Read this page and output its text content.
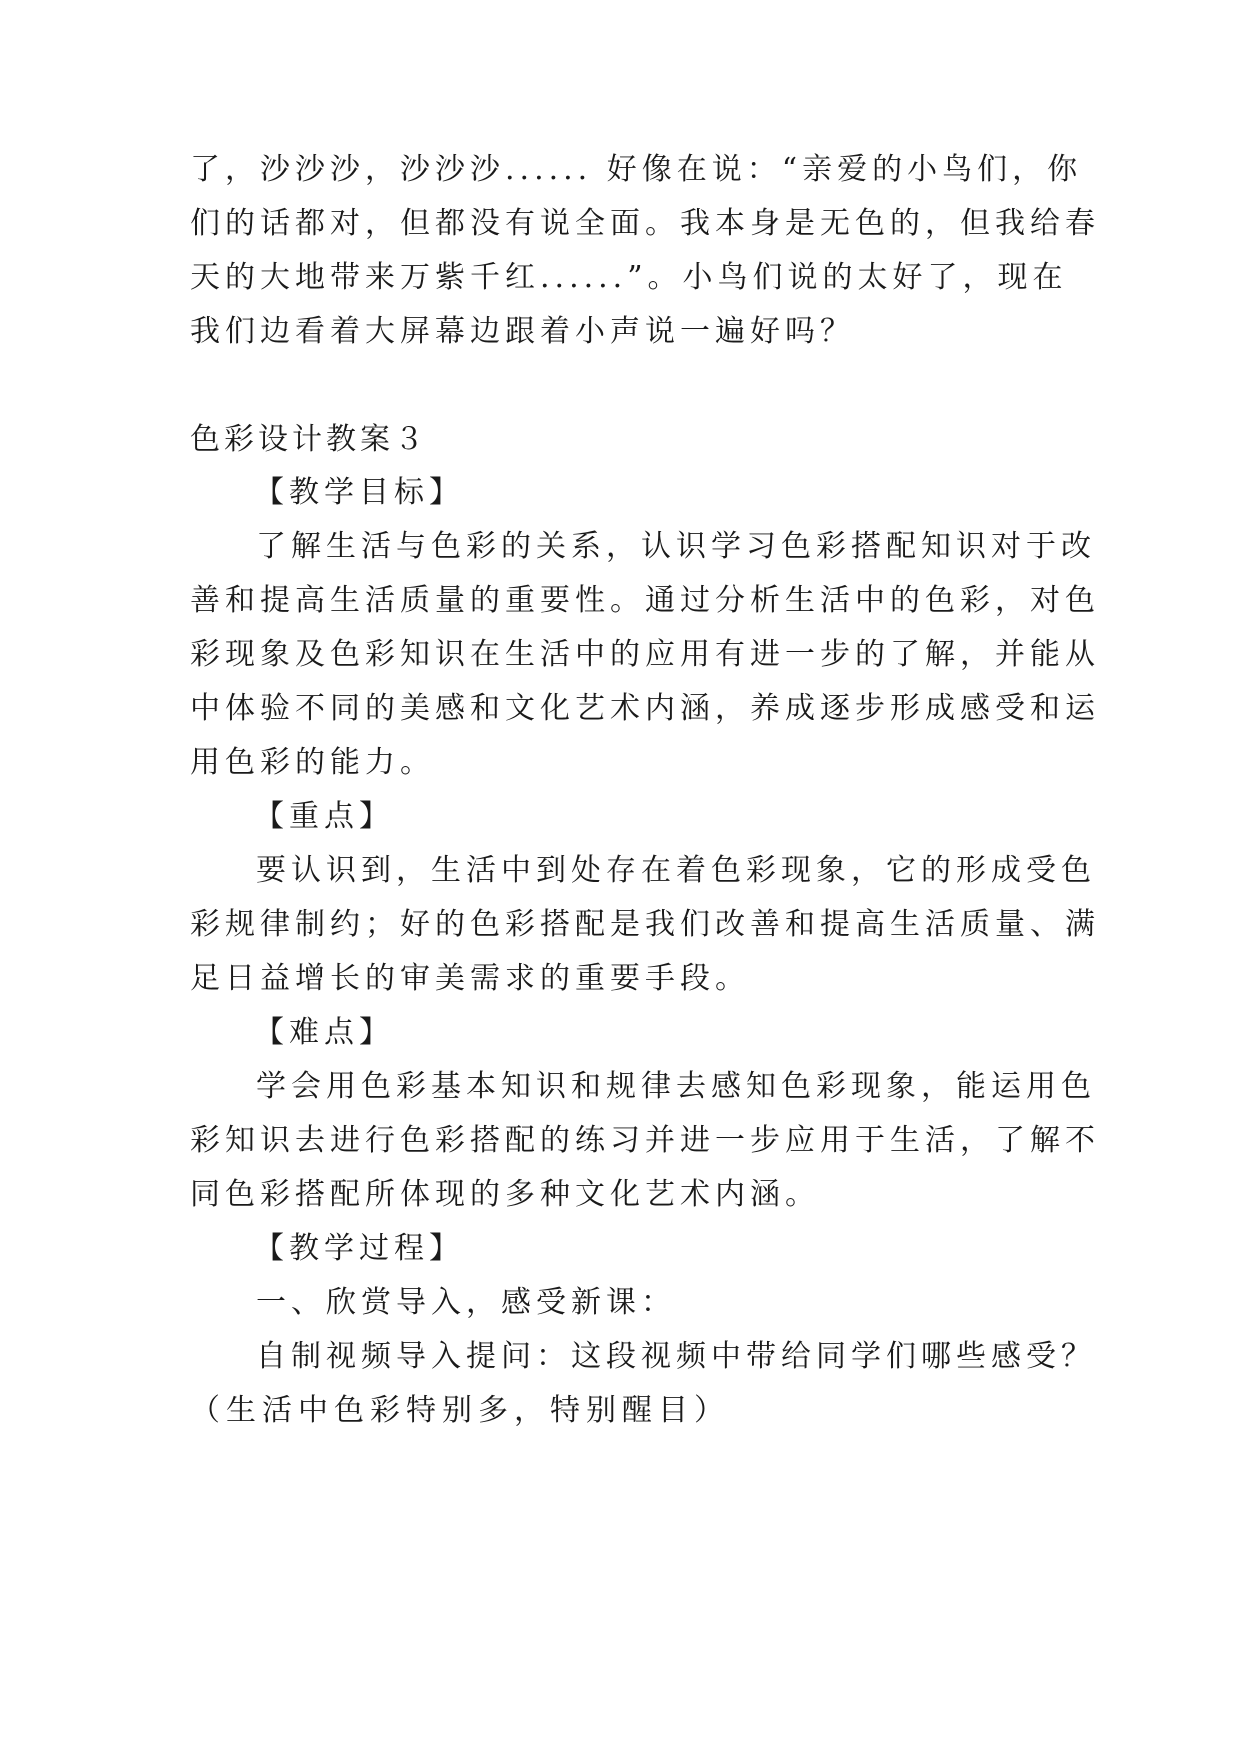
了，沙沙沙，沙沙沙...... 好像在说：“亲爱的小鸟们，你
们的话都对，但都没有说全面。我本身是无色的，但我给春
天的大地带来万紫千红......”。小鸟们说的太好了，现在
我们边看着大屏幕边跟着小声说一遍好吗？
色彩设计教案３
【教学目标】
了解生活与色彩的关系，认识学习色彩搭配知识对于改
善和提高生活质量的重要性。通过分析生活中的色彩，对色
彩现象及色彩知识在生活中的应用有进一步的了解，并能从
中体验不同的美感和文化艺术内涵，养成逐步形成感受和运
用色彩的能力。
【重点】
要认识到，生活中到处存在着色彩现象，它的形成受色
彩规律制约；好的色彩搭配是我们改善和提高生活质量、满
足日益增长的审美需求的重要手段。
【难点】
学会用色彩基本知识和规律去感知色彩现象，能运用色
彩知识去进行色彩搭配的练习并进一步应用于生活，了解不
同色彩搭配所体现的多种文化艺术内涵。
【教学过程】
一、欣赏导入，感受新课：
自制视频导入提问：这段视频中带给同学们哪些感受？
（生活中色彩特别多，特别醒目）
